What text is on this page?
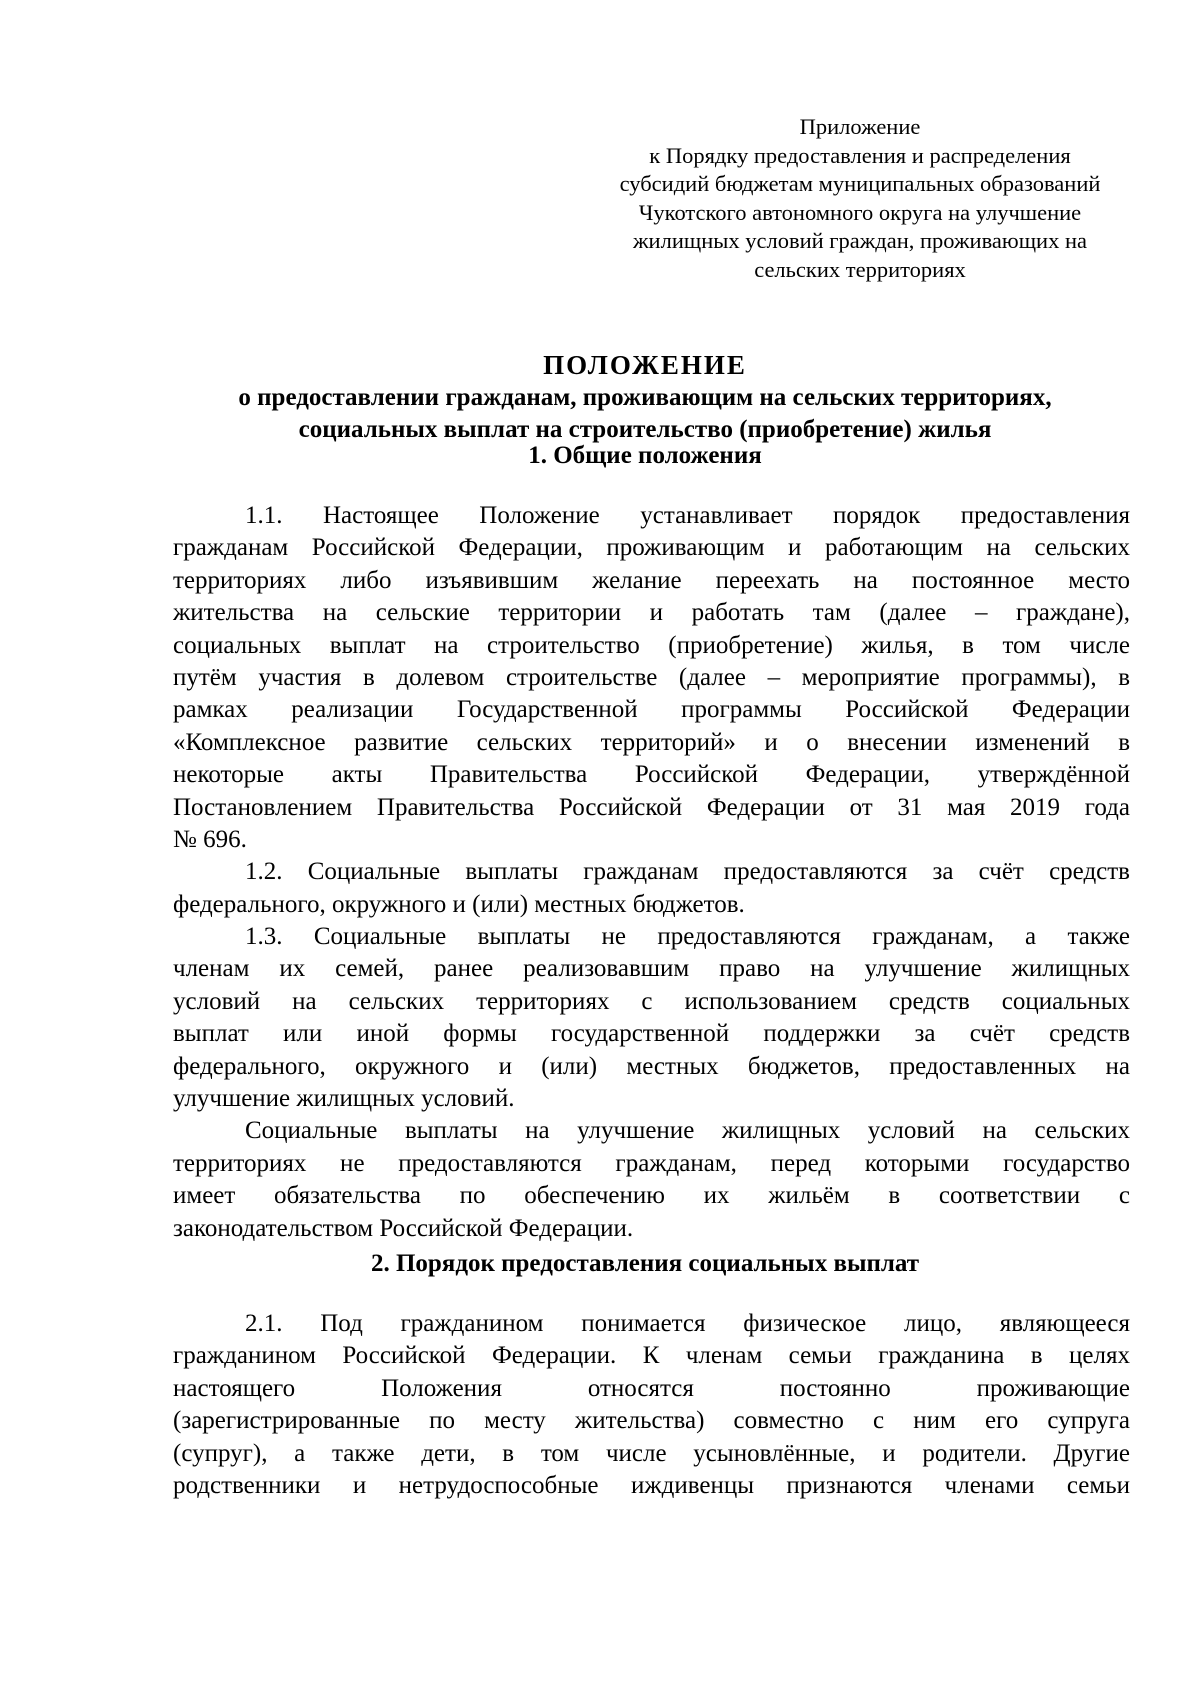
Приложение
к Порядку предоставления и распределения
субсидий бюджетам муниципальных образований
Чукотского автономного округа на улучшение
жилищных условий граждан, проживающих на
сельских территориях
ПОЛОЖЕНИЕ
о предоставлении гражданам, проживающим на сельских территориях,
социальных выплат на строительство (приобретение) жилья
1. Общие положения
1.1. Настоящее Положение устанавливает порядок предоставления
гражданам Российской Федерации, проживающим и работающим на сельских
территориях либо изъявившим желание переехать на постоянное место
жительства на сельские территории и работать там (далее – граждане),
социальных выплат на строительство (приобретение) жилья, в том числе
путём участия в долевом строительстве (далее – мероприятие программы), в
рамках реализации Государственной программы Российской Федерации
«Комплексное развитие сельских территорий» и о внесении изменений в
некоторые акты Правительства Российской Федерации, утверждённой
Постановлением Правительства Российской Федерации от 31 мая 2019 года
№ 696.
1.2. Социальные выплаты гражданам предоставляются за счёт средств
федерального, окружного и (или) местных бюджетов.
1.3. Социальные выплаты не предоставляются гражданам, а также
членам их семей, ранее реализовавшим право на улучшение жилищных
условий на сельских территориях с использованием средств социальных
выплат или иной формы государственной поддержки за счёт средств
федерального, окружного и (или) местных бюджетов, предоставленных на
улучшение жилищных условий.
Социальные выплаты на улучшение жилищных условий на сельских
территориях не предоставляются гражданам, перед которыми государство
имеет обязательства по обеспечению их жильём в соответствии с
законодательством Российской Федерации.
2. Порядок предоставления социальных выплат
2.1. Под гражданином понимается физическое лицо, являющееся
гражданином Российской Федерации. К членам семьи гражданина в целях
настоящего Положения относятся постоянно проживающие
(зарегистрированные по месту жительства) совместно с ним его супруга
(супруг), а также дети, в том числе усыновлённые, и родители. Другие
родственники и нетрудоспособные иждивенцы признаются членами семьи
